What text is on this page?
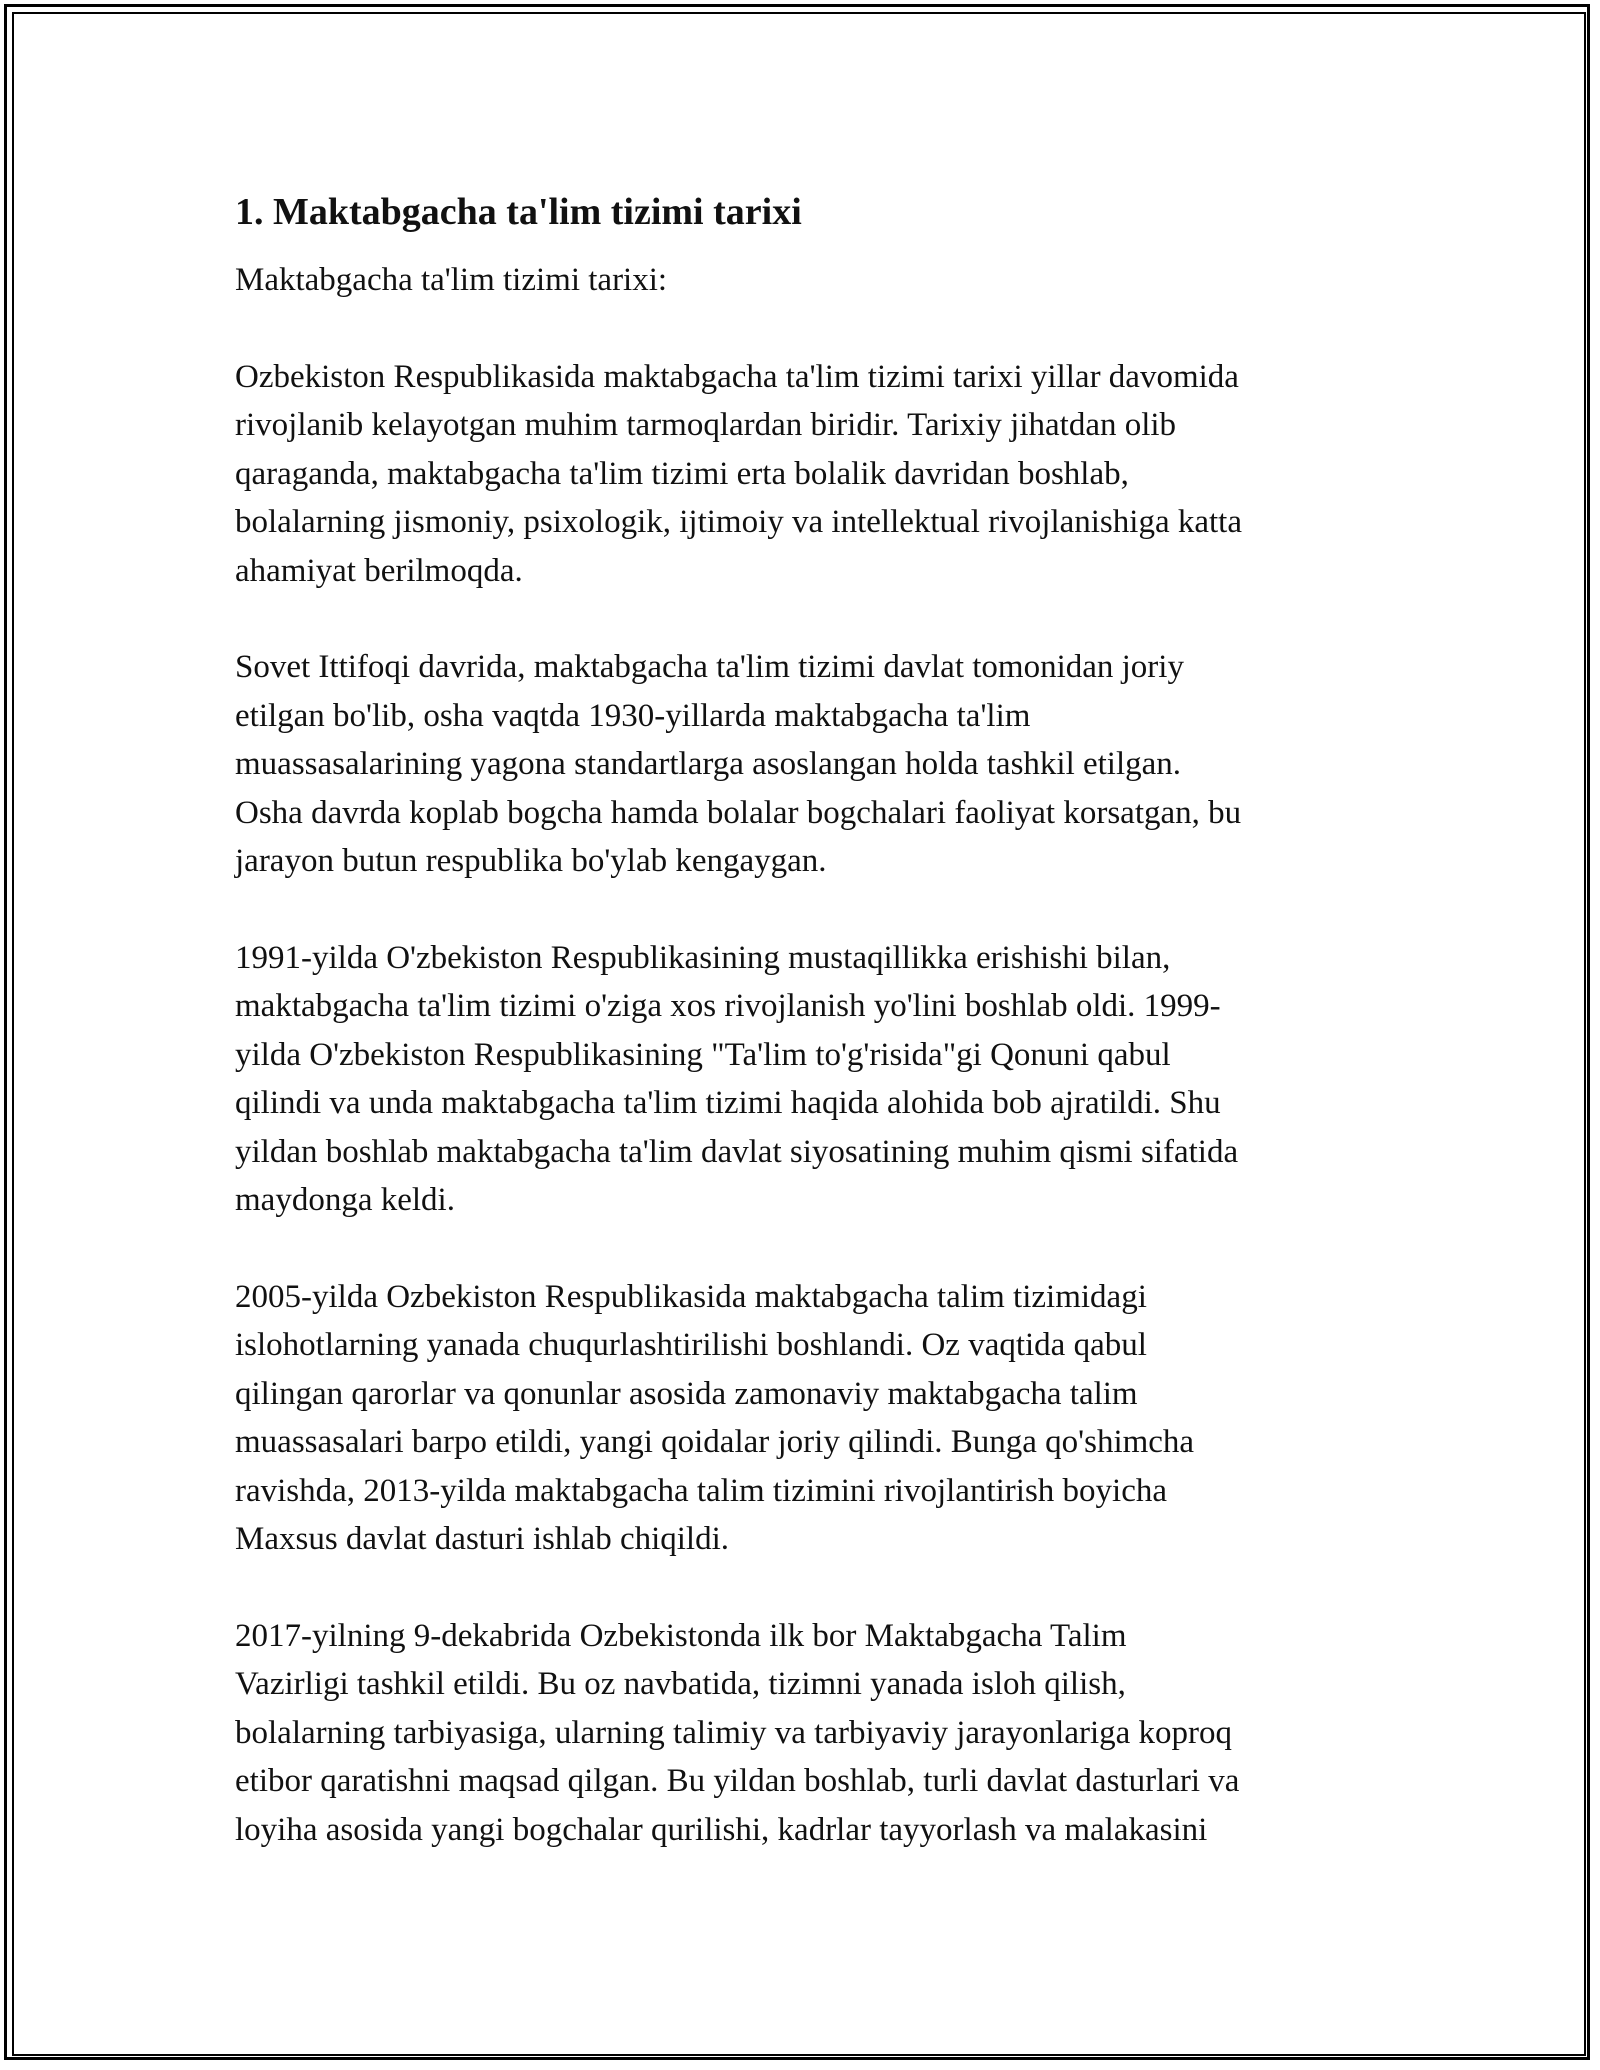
1. Maktabgacha ta'lim tizimi tarixi
Maktabgacha ta'lim tizimi tarixi:
Ozbekiston Respublikasida maktabgacha ta'lim tizimi tarixi yillar davomida
rivojlanib kelayotgan muhim tarmoqlardan biridir. Tarixiy jihatdan olib
qaraganda, maktabgacha ta'lim tizimi erta bolalik davridan boshlab,
bolalarning jismoniy, psixologik, ijtimoiy va intellektual rivojlanishiga katta
ahamiyat berilmoqda.
Sovet Ittifoqi davrida, maktabgacha ta'lim tizimi davlat tomonidan joriy
etilgan bo'lib, osha vaqtda 1930-yillarda maktabgacha ta'lim
muassasalarining yagona standartlarga asoslangan holda tashkil etilgan.
Osha davrda koplab bogcha hamda bolalar bogchalari faoliyat korsatgan, bu
jarayon butun respublika bo'ylab kengaygan.
1991-yilda O'zbekiston Respublikasining mustaqillikka erishishi bilan,
maktabgacha ta'lim tizimi o'ziga xos rivojlanish yo'lini boshlab oldi. 1999-
yilda O'zbekiston Respublikasining "Ta'lim to'g'risida"gi Qonuni qabul
qilindi va unda maktabgacha ta'lim tizimi haqida alohida bob ajratildi. Shu
yildan boshlab maktabgacha ta'lim davlat siyosatining muhim qismi sifatida
maydonga keldi.
2005-yilda Ozbekiston Respublikasida maktabgacha talim tizimidagi
islohotlarning yanada chuqurlashtirilishi boshlandi. Oz vaqtida qabul
qilingan qarorlar va qonunlar asosida zamonaviy maktabgacha talim
muassasalari barpo etildi, yangi qoidalar joriy qilindi. Bunga qo'shimcha
ravishda, 2013-yilda maktabgacha talim tizimini rivojlantirish boyicha
Maxsus davlat dasturi ishlab chiqildi.
2017-yilning 9-dekabrida Ozbekistonda ilk bor Maktabgacha Talim
Vazirligi tashkil etildi. Bu oz navbatida, tizimni yanada isloh qilish,
bolalarning tarbiyasiga, ularning talimiy va tarbiyaviy jarayonlariga koproq
etibor qaratishni maqsad qilgan. Bu yildan boshlab, turli davlat dasturlari va
loyiha asosida yangi bogchalar qurilishi, kadrlar tayyorlash va malakasini
